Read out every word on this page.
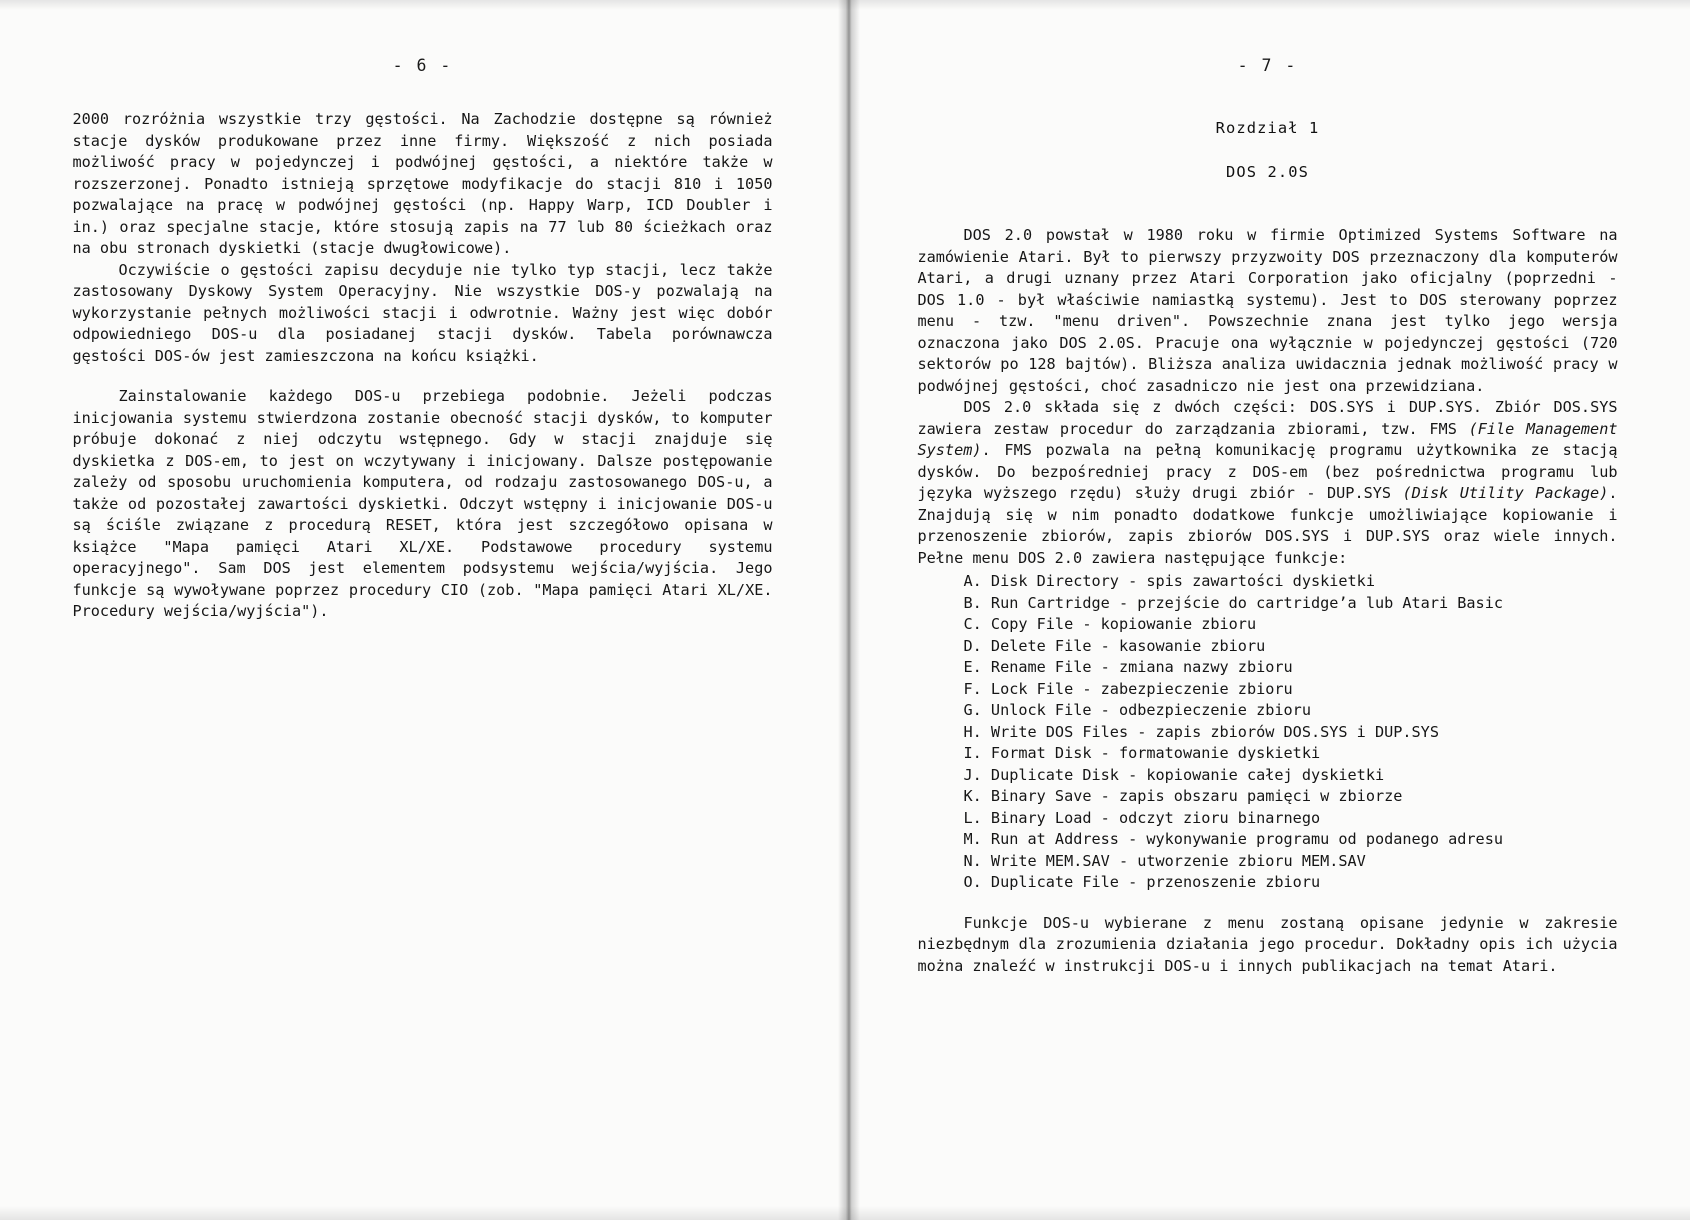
- 6 -

2000 rozróżnia wszystkie trzy gęstości. Na Zachodzie dostępne są również stacje dysków produkowane przez inne firmy. Większość z nich posiada możliwość pracy w pojedynczej i podwójnej gęstości, a niektóre także w rozszerzonej. Ponadto istnieją sprzętowe modyfikacje do stacji 810 i 1050 pozwalające na pracę w podwójnej gęstości (np. Happy Warp, ICD Doubler i in.) oraz specjalne stacje, które stosują zapis na 77 lub 80 ścieżkach oraz na obu stronach dyskietki (stacje dwugłowicowe).

Oczywiście o gęstości zapisu decyduje nie tylko typ stacji, lecz także zastosowany Dyskowy System Operacyjny. Nie wszystkie DOS-y pozwalają na wykorzystanie pełnych możliwości stacji i odwrotnie. Ważny jest więc dobór odpowiedniego DOS-u dla posiadanej stacji dysków. Tabela porównawcza gęstości DOS-ów jest zamieszczona na końcu książki.

Zainstalowanie każdego DOS-u przebiega podobnie. Jeżeli podczas inicjowania systemu stwierdzona zostanie obecność stacji dysków, to komputer próbuje dokonać z niej odczytu wstępnego. Gdy w stacji znajduje się dyskietka z DOS-em, to jest on wczytywany i inicjowany. Dalsze postępowanie zależy od sposobu uruchomienia komputera, od rodzaju zastosowanego DOS-u, a także od pozostałej zawartości dyskietki. Odczyt wstępny i inicjowanie DOS-u są ściśle związane z procedurą RESET, która jest szczegółowo opisana w książce "Mapa pamięci Atari XL/XE. Podstawowe procedury systemu operacyjnego". Sam DOS jest elementem podsystemu wejścia/wyjścia. Jego funkcje są wywoływane poprzez procedury CIO (zob. "Mapa pamięci Atari XL/XE. Procedury wejścia/wyjścia").

- 7 -
Rozdział 1
DOS 2.0S

DOS 2.0 powstał w 1980 roku w firmie Optimized Systems Software na zamówienie Atari. Był to pierwszy przyzwoity DOS przeznaczony dla komputerów Atari, a drugi uznany przez Atari Corporation jako oficjalny (poprzedni - DOS 1.0 - był właściwie namiastką systemu). Jest to DOS sterowany poprzez menu - tzw. "menu driven". Powszechnie znana jest tylko jego wersja oznaczona jako DOS 2.0S. Pracuje ona wyłącznie w pojedynczej gęstości (720 sektorów po 128 bajtów). Bliższa analiza uwidacznia jednak możliwość pracy w podwójnej gęstości, choć zasadniczo nie jest ona przewidziana.

DOS 2.0 składa się z dwóch części: DOS.SYS i DUP.SYS. Zbiór DOS.SYS zawiera zestaw procedur do zarządzania zbiorami, tzw. FMS (File Management System). FMS pozwala na pełną komunikację programu użytkownika ze stacją dysków. Do bezpośredniej pracy z DOS-em (bez pośrednictwa programu lub języka wyższego rzędu) służy drugi zbiór - DUP.SYS (Disk Utility Package). Znajdują się w nim ponadto dodatkowe funkcje umożliwiające kopiowanie i przenoszenie zbiorów, zapis zbiorów DOS.SYS i DUP.SYS oraz wiele innych. Pełne menu DOS 2.0 zawiera następujące funkcje:

A. Disk Directory - spis zawartości dyskietki
B. Run Cartridge - przejście do cartridge’a lub Atari Basic
C. Copy File - kopiowanie zbioru
D. Delete File - kasowanie zbioru
E. Rename File - zmiana nazwy zbioru
F. Lock File - zabezpieczenie zbioru
G. Unlock File - odbezpieczenie zbioru
H. Write DOS Files - zapis zbiorów DOS.SYS i DUP.SYS
I. Format Disk - formatowanie dyskietki
J. Duplicate Disk - kopiowanie całej dyskietki
K. Binary Save - zapis obszaru pamięci w zbiorze
L. Binary Load - odczyt zioru binarnego
M. Run at Address - wykonywanie programu od podanego adresu
N. Write MEM.SAV - utworzenie zbioru MEM.SAV
O. Duplicate File - przenoszenie zbioru

Funkcje DOS-u wybierane z menu zostaną opisane jedynie w zakresie niezbędnym dla zrozumienia działania jego procedur. Dokładny opis ich użycia można znaleźć w instrukcji DOS-u i innych publikacjach na temat Atari.
